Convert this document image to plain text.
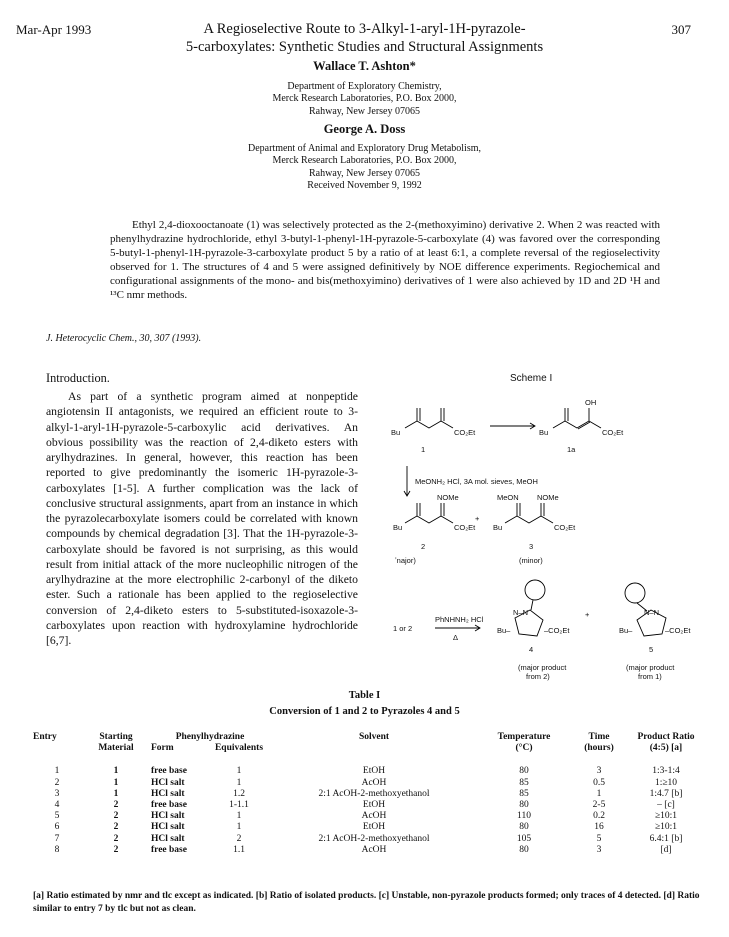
Mar-Apr 1993	307
A Regioselective Route to 3-Alkyl-1-aryl-1H-pyrazole-
5-carboxylates: Synthetic Studies and Structural Assignments
Wallace T. Ashton*
Department of Exploratory Chemistry,
Merck Research Laboratories, P.O. Box 2000,
Rahway, New Jersey 07065
George A. Doss
Department of Animal and Exploratory Drug Metabolism,
Merck Research Laboratories, P.O. Box 2000,
Rahway, New Jersey 07065
Received November 9, 1992
Ethyl 2,4-dioxooctanoate (1) was selectively protected as the 2-(methoxyimino) derivative 2. When 2 was reacted with phenylhydrazine hydrochloride, ethyl 3-butyl-1-phenyl-1H-pyrazole-5-carboxylate (4) was favored over the corresponding 5-butyl-1-phenyl-1H-pyrazole-3-carboxylate product 5 by a ratio of at least 6:1, a complete reversal of the regioselectivity observed for 1. The structures of 4 and 5 were assigned definitively by NOE difference experiments. Regiochemical and configurational assignments of the mono- and bis(methoxyimino) derivatives of 1 were also achieved by 1D and 2D ¹H and ¹³C nmr methods.
J. Heterocyclic Chem., 30, 307 (1993).
Introduction.

As part of a synthetic program aimed at nonpeptide angiotensin II antagonists, we required an efficient route to 3-alkyl-1-aryl-1H-pyrazole-5-carboxylic acid derivatives. An obvious possibility was the reaction of 2,4-diketo esters with arylhydrazines. In general, however, this reaction has been reported to give predominantly the isomeric 1H-pyrazole-3-carboxylates [1-5]. A further complication was the lack of conclusive structural assignments, apart from an instance in which the pyrazolecarboxylate isomers could be correlated with known compounds by chemical degradation [3]. That the 1H-pyrazole-3-carboxylate should be favored is not surprising, as this would result from initial attack of the more nucleophilic nitrogen of the arylhydrazine at the more electrophilic 2-carbonyl of the diketo ester. Such a rationale has been applied to the regioselective conversion of 2,4-diketo esters to 5-substituted-isoxazole-3-carboxylates upon reaction with hydroxylamine hydrochloride [6,7].

Scheme I
Bu	CO₂Et
1
Bu
OH
CO₂Et
1a
MeONH₂ HCl, 3A mol. sieves, MeOH
Bu
NOMe
CO₂Et
2
ʼnajor)
+
MeON NOMe
Bu	CO₂Et
3
(minor)
1 or 2
PhNHNH₂ HCl
Δ
N–N
Bu–	–CO₂Et
4
(major product
from 2)
+	N–N
Bu–	–CO₂Et
5
(major product
from 1)
Table I
Conversion of 1 and 2 to Pyrazoles 4 and 5
Entry	Starting	Phenylhydrazine		Solvent	Temperature	Time	Product Ratio
	Material	Form	Equivalents		(°C)	(hours)	(4:5) [a]

1	1	free base	1	EtOH	80	3	1:3-1:4
2	1	HCl salt	1	AcOH	85	0.5	1:≥10
3	1	HCl salt	1.2	2:1 AcOH-2-methoxyethanol	85	1	1:4.7 [b]
4	2	free base	1-1.1	EtOH	80	2-5	– [c]
5	2	HCl salt	1	AcOH	110	0.2	≥10:1
6	2	HCl salt	1	EtOH	80	16	≥10:1
7	2	HCl salt	2	2:1 AcOH-2-methoxyethanol	105	5	6.4:1 [b]
8	2	free base	1.1	AcOH	80	3	[d]
[a] Ratio estimated by nmr and tlc except as indicated. [b] Ratio of isolated products. [c] Unstable, non-pyrazole products formed; only traces of 4 detected. [d] Ratio similar to entry 7 by tlc but not as clean.
